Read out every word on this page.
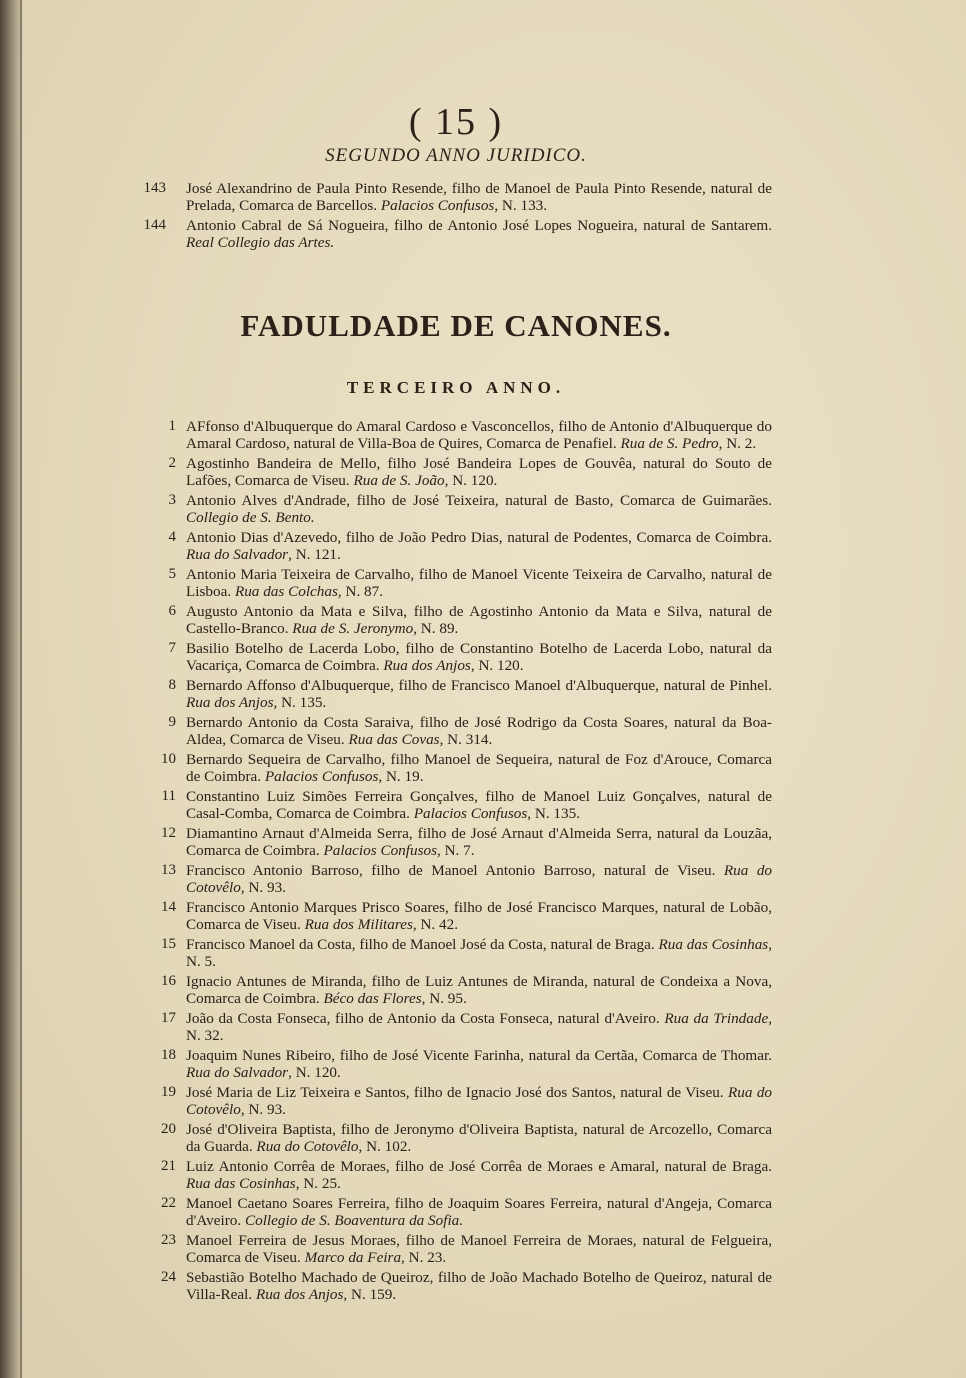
( 15 )

SEGUNDO ANNO JURIDICO.

143 José Alexandrino de Paula Pinto Resende, filho de Manoel de Paula Pinto Resende, natural de Prelada, Comarca de Barcellos. Palacios Confusos, N. 133.
144 Antonio Cabral de Sá Nogueira, filho de Antonio José Lopes Nogueira, natural de Santarem. Real Collegio das Artes.
FADULDADE DE CANONES.
TERCEIRO ANNO.
1 AFfonso d'Albuquerque do Amaral Cardoso e Vasconcellos, filho de Antonio d'Albuquerque do Amaral Cardoso, natural de Villa-Boa de Quires, Comarca de Penafiel. Rua de S. Pedro, N. 2.
2 Agostinho Bandeira de Mello, filho José Bandeira Lopes de Gouvêa, natural do Souto de Lafões, Comarca de Viseu. Rua de S. João, N. 120.
3 Antonio Alves d'Andrade, filho de José Teixeira, natural de Basto, Comarca de Guimarães. Collegio de S. Bento.
4 Antonio Dias d'Azevedo, filho de João Pedro Dias, natural de Podentes, Comarca de Coimbra. Rua do Salvador, N. 121.
5 Antonio Maria Teixeira de Carvalho, filho de Manoel Vicente Teixeira de Carvalho, natural de Lisboa. Rua das Colchas, N. 87.
6 Augusto Antonio da Mata e Silva, filho de Agostinho Antonio da Mata e Silva, natural de Castello-Branco. Rua de S. Jeronymo, N. 89.
7 Basilio Botelho de Lacerda Lobo, filho de Constantino Botelho de Lacerda Lobo, natural da Vacariça, Comarca de Coimbra. Rua dos Anjos, N. 120.
8 Bernardo Affonso d'Albuquerque, filho de Francisco Manoel d'Albuquerque, natural de Pinhel. Rua dos Anjos, N. 135.
9 Bernardo Antonio da Costa Saraiva, filho de José Rodrigo da Costa Soares, natural da Boa-Aldea, Comarca de Viseu. Rua das Covas, N. 314.
10 Bernardo Sequeira de Carvalho, filho Manoel de Sequeira, natural de Foz d'Arouce, Comarca de Coimbra. Palacios Confusos, N. 19.
11 Constantino Luiz Simões Ferreira Gonçalves, filho de Manoel Luiz Gonçalves, natural de Casal-Comba, Comarca de Coimbra. Palacios Confusos, N. 135.
12 Diamantino Arnaut d'Almeida Serra, filho de José Arnaut d'Almeida Serra, natural da Louzãa, Comarca de Coimbra. Palacios Confusos, N. 7.
13 Francisco Antonio Barroso, filho de Manoel Antonio Barroso, natural de Viseu. Rua do Cotovêlo, N. 93.
14 Francisco Antonio Marques Prisco Soares, filho de José Francisco Marques, natural de Lobão, Comarca de Viseu. Rua dos Militares, N. 42.
15 Francisco Manoel da Costa, filho de Manoel José da Costa, natural de Braga. Rua das Cosinhas, N. 5.
16 Ignacio Antunes de Miranda, filho de Luiz Antunes de Miranda, natural de Condeixa a Nova, Comarca de Coimbra. Béco das Flores, N. 95.
17 João da Costa Fonseca, filho de Antonio da Costa Fonseca, natural d'Aveiro. Rua da Trindade, N. 32.
18 Joaquim Nunes Ribeiro, filho de José Vicente Farinha, natural da Certãa, Comarca de Thomar. Rua do Salvador, N. 120.
19 José Maria de Liz Teixeira e Santos, filho de Ignacio José dos Santos, natural de Viseu. Rua do Cotovêlo, N. 93.
20 José d'Oliveira Baptista, filho de Jeronymo d'Oliveira Baptista, natural de Arcozello, Comarca da Guarda. Rua do Cotovêlo, N. 102.
21 Luiz Antonio Corrêa de Moraes, filho de José Corrêa de Moraes e Amaral, natural de Braga. Rua das Cosinhas, N. 25.
22 Manoel Caetano Soares Ferreira, filho de Joaquim Soares Ferreira, natural d'Angeja, Comarca d'Aveiro. Collegio de S. Boaventura da Sofia.
23 Manoel Ferreira de Jesus Moraes, filho de Manoel Ferreira de Moraes, natural de Felgueira, Comarca de Viseu. Marco da Feira, N. 23.
24 Sebastião Botelho Machado de Queiroz, filho de João Machado Botelho de Queiroz, natural de Villa-Real. Rua dos Anjos, N. 159.
